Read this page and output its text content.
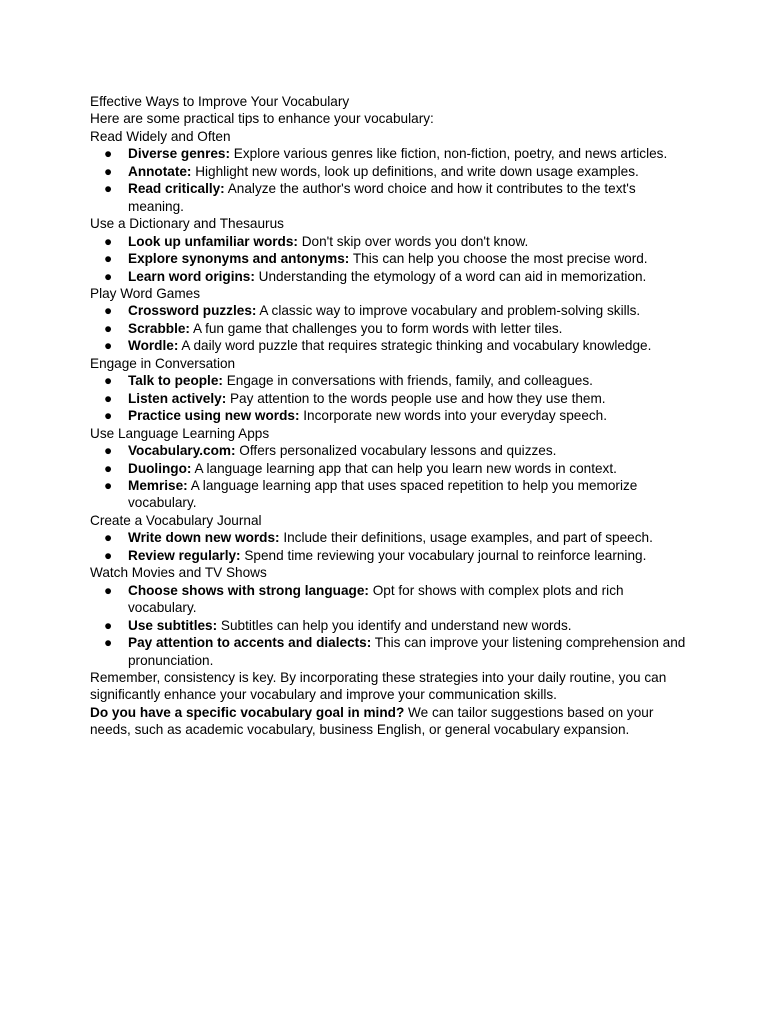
Effective Ways to Improve Your Vocabulary

Here are some practical tips to enhance your vocabulary:

Read Widely and Often

● Diverse genres: Explore various genres like fiction, non-fiction, poetry, and news articles.
● Annotate: Highlight new words, look up definitions, and write down usage examples.
● Read critically: Analyze the author's word choice and how it contributes to the text's meaning.

Use a Dictionary and Thesaurus

● Look up unfamiliar words: Don't skip over words you don't know.
● Explore synonyms and antonyms: This can help you choose the most precise word.
● Learn word origins: Understanding the etymology of a word can aid in memorization.

Play Word Games

● Crossword puzzles: A classic way to improve vocabulary and problem-solving skills.
● Scrabble: A fun game that challenges you to form words with letter tiles.
● Wordle: A daily word puzzle that requires strategic thinking and vocabulary knowledge.

Engage in Conversation

● Talk to people: Engage in conversations with friends, family, and colleagues.
● Listen actively: Pay attention to the words people use and how they use them.
● Practice using new words: Incorporate new words into your everyday speech.

Use Language Learning Apps

● Vocabulary.com: Offers personalized vocabulary lessons and quizzes.
● Duolingo: A language learning app that can help you learn new words in context.
● Memrise: A language learning app that uses spaced repetition to help you memorize vocabulary.

Create a Vocabulary Journal

● Write down new words: Include their definitions, usage examples, and part of speech.
● Review regularly: Spend time reviewing your vocabulary journal to reinforce learning.

Watch Movies and TV Shows

● Choose shows with strong language: Opt for shows with complex plots and rich vocabulary.
● Use subtitles: Subtitles can help you identify and understand new words.
● Pay attention to accents and dialects: This can improve your listening comprehension and pronunciation.

Remember, consistency is key. By incorporating these strategies into your daily routine, you can significantly enhance your vocabulary and improve your communication skills.

Do you have a specific vocabulary goal in mind? We can tailor suggestions based on your needs, such as academic vocabulary, business English, or general vocabulary expansion.
